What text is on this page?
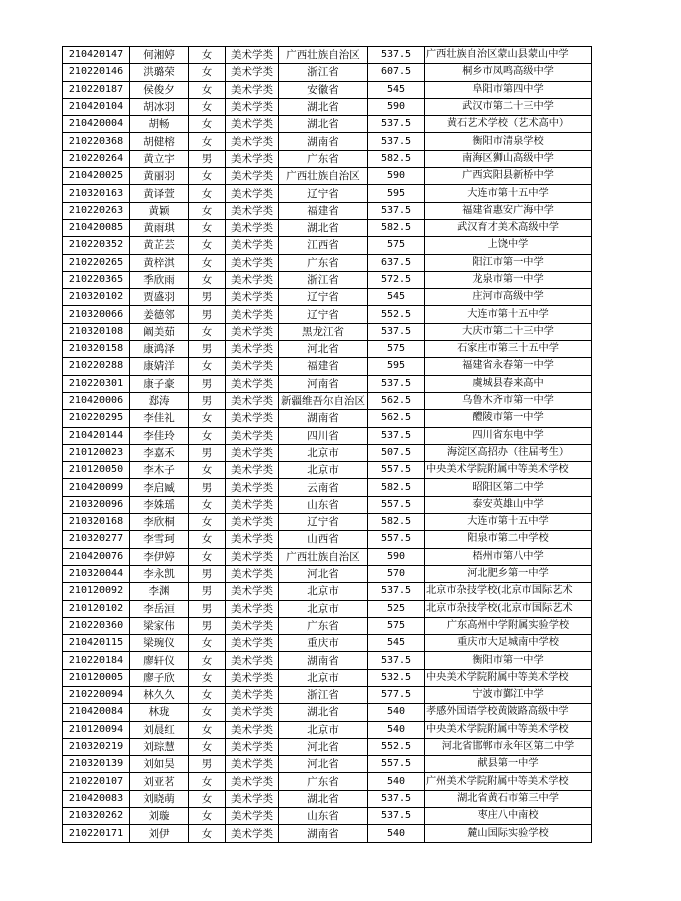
210420147	何湘婷	女	美术学类	广西壮族自治区	537.5	广西壮族自治区蒙山县蒙山中学
210220146	洪璐荣	女	美术学类	浙江省	607.5	桐乡市凤鸣高级中学
210220187	侯俊夕	女	美术学类	安徽省	545	阜阳市第四中学
210420104	胡冰羽	女	美术学类	湖北省	590	武汉市第二十三中学
210420004	胡畅	女	美术学类	湖北省	537.5	黄石艺术学校（艺术高中）
210220368	胡健榕	女	美术学类	湖南省	537.5	衡阳市清泉学校
210220264	黄立宇	男	美术学类	广东省	582.5	南海区狮山高级中学
210420025	黄丽羽	女	美术学类	广西壮族自治区	590	广西宾阳县新桥中学
210320163	黄译萱	女	美术学类	辽宁省	595	大连市第十五中学
210220263	黄颖	女	美术学类	福建省	537.5	福建省惠安广海中学
210420085	黄雨琪	女	美术学类	湖北省	582.5	武汉育才美术高级中学
210220352	黄芷芸	女	美术学类	江西省	575	上饶中学
210220265	黄梓淇	女	美术学类	广东省	637.5	阳江市第一中学
210220365	季欣雨	女	美术学类	浙江省	572.5	龙泉市第一中学
210320102	贾盛羽	男	美术学类	辽宁省	545	庄河市高级中学
210320066	姜德邻	男	美术学类	辽宁省	552.5	大连市第十五中学
210320108	阚美茹	女	美术学类	黑龙江省	537.5	大庆市第二十三中学
210320158	康鸿泽	男	美术学类	河北省	575	石家庄市第三十五中学
210220288	康婧洋	女	美术学类	福建省	595	福建省永春第一中学
210220301	康子豪	男	美术学类	河南省	537.5	虞城县春来高中
210420006	郄涛	男	美术学类	新疆维吾尔自治区	562.5	乌鲁木齐市第一中学
210220295	李佳礼	女	美术学类	湖南省	562.5	醴陵市第一中学
210420144	李佳玲	女	美术学类	四川省	537.5	四川省东电中学
210120023	李嘉禾	男	美术学类	北京市	507.5	海淀区高招办（往届考生）
210120050	李木子	女	美术学类	北京市	557.5	中央美术学院附属中等美术学校
210420099	李启臧	男	美术学类	云南省	582.5	昭阳区第二中学
210320096	李姝瑶	女	美术学类	山东省	557.5	泰安英雄山中学
210320168	李欣桐	女	美术学类	辽宁省	582.5	大连市第十五中学
210320277	李雪珂	女	美术学类	山西省	557.5	阳泉市第二中学校
210420076	李伊婷	女	美术学类	广西壮族自治区	590	梧州市第八中学
210320044	李永凯	男	美术学类	河北省	570	河北肥乡第一中学
210120092	李渊	男	美术学类	北京市	537.5	北京市杂技学校(北京市国际艺术
210120102	李岳洹	男	美术学类	北京市	525	北京市杂技学校(北京市国际艺术
210220360	梁家伟	男	美术学类	广东省	575	广东高州中学附属实验学校
210420115	梁琬仪	女	美术学类	重庆市	545	重庆市大足城南中学校
210220184	廖轩仪	女	美术学类	湖南省	537.5	衡阳市第一中学
210120005	廖子欣	女	美术学类	北京市	532.5	中央美术学院附属中等美术学校
210220094	林久久	女	美术学类	浙江省	577.5	宁波市鄞江中学
210420084	林珑	女	美术学类	湖北省	540	孝感外国语学校黄陂路高级中学
210120094	刘晨红	女	美术学类	北京市	540	中央美术学院附属中等美术学校
210320219	刘琮慧	女	美术学类	河北省	552.5	河北省邯郸市永年区第二中学
210320139	刘如昊	男	美术学类	河北省	557.5	献县第一中学
210220107	刘亚茗	女	美术学类	广东省	540	广州美术学院附属中等美术学校
210420083	刘晓萌	女	美术学类	湖北省	537.5	湖北省黄石市第三中学
210320262	刘璇	女	美术学类	山东省	537.5	枣庄八中南校
210220171	刘伊	女	美术学类	湖南省	540	麓山国际实验学校
